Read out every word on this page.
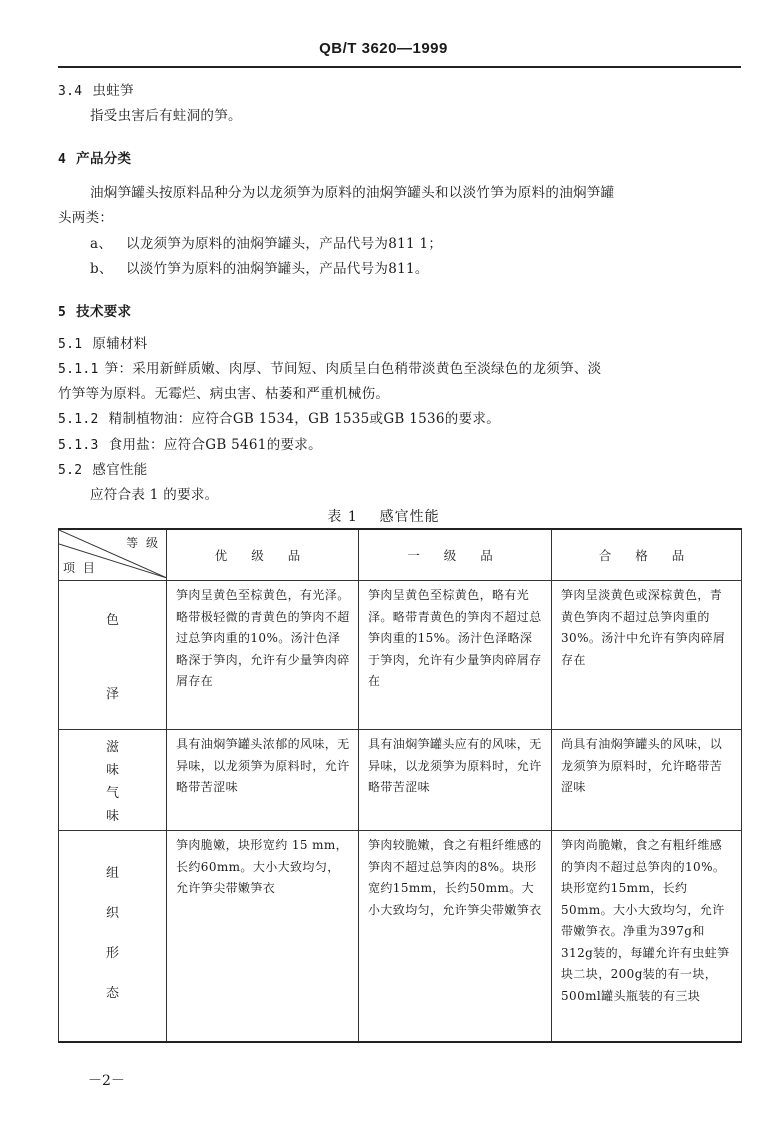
QB/T 3620—1999
3.4 虫蛀笋
指受虫害后有蛀洞的笋。
4 产品分类
油焖笋罐头按原料品种分为以龙须笋为原料的油焖笋罐头和以淡竹笋为原料的油焖笋罐
头两类：
a、 以龙须笋为原料的油焖笋罐头，产品代号为811 1；
b、 以淡竹笋为原料的油焖笋罐头，产品代号为811。
5 技术要求
5.1 原辅材料
5.1.1 笋：采用新鲜质嫩、肉厚、节间短、肉质呈白色稍带淡黄色至淡绿色的龙须笋、淡
竹笋等为原料。无霉烂、病虫害、枯萎和严重机械伤。
5.1.2 精制植物油：应符合GB 1534，GB 1535或GB 1536的要求。
5.1.3 食用盐：应符合GB 5461的要求。
5.2 感官性能
应符合表 1 的要求。
表 1 感官性能
等 级
项 目	优 级 品	一 级 品	合 格 品

色
泽	笋肉呈黄色至棕黄色，有光泽。略带极轻微的青黄色的笋肉不超过总笋肉重的10%。汤汁色泽略深于笋肉，允许有少量笋肉碎屑存在	笋肉呈黄色至棕黄色，略有光泽。略带青黄色的笋肉不超过总笋肉重的15%。汤汁色泽略深于笋肉，允许有少量笋肉碎屑存在	笋肉呈淡黄色或深棕黄色，青黄色笋肉不超过总笋肉重的30%。汤汁中允许有笋肉碎屑存在

滋
味
气
味	具有油焖笋罐头浓郁的风味，无异味，以龙须笋为原料时，允许略带苦涩味	具有油焖笋罐头应有的风味，无异味，以龙须笋为原料时，允许略带苦涩味	尚具有油焖笋罐头的风味，以龙须笋为原料时，允许略带苦涩味

组
织
形
态	笋肉脆嫩，块形宽约 15 mm，长约60mm。大小大致均匀，允许笋尖带嫩笋衣	笋肉较脆嫩，食之有粗纤维感的笋肉不超过总笋肉的8%。块形宽约15mm，长约50mm。大小大致均匀，允许笋尖带嫩笋衣	笋肉尚脆嫩，食之有粗纤维感的笋肉不超过总笋肉的10%。块形宽约15mm，长约 50mm。大小大致均匀，允许带嫩笋衣。净重为397g和312g装的，每罐允许有虫蛀笋块二块，200g装的有一块，500ml罐头瓶装的有三块
－2－
